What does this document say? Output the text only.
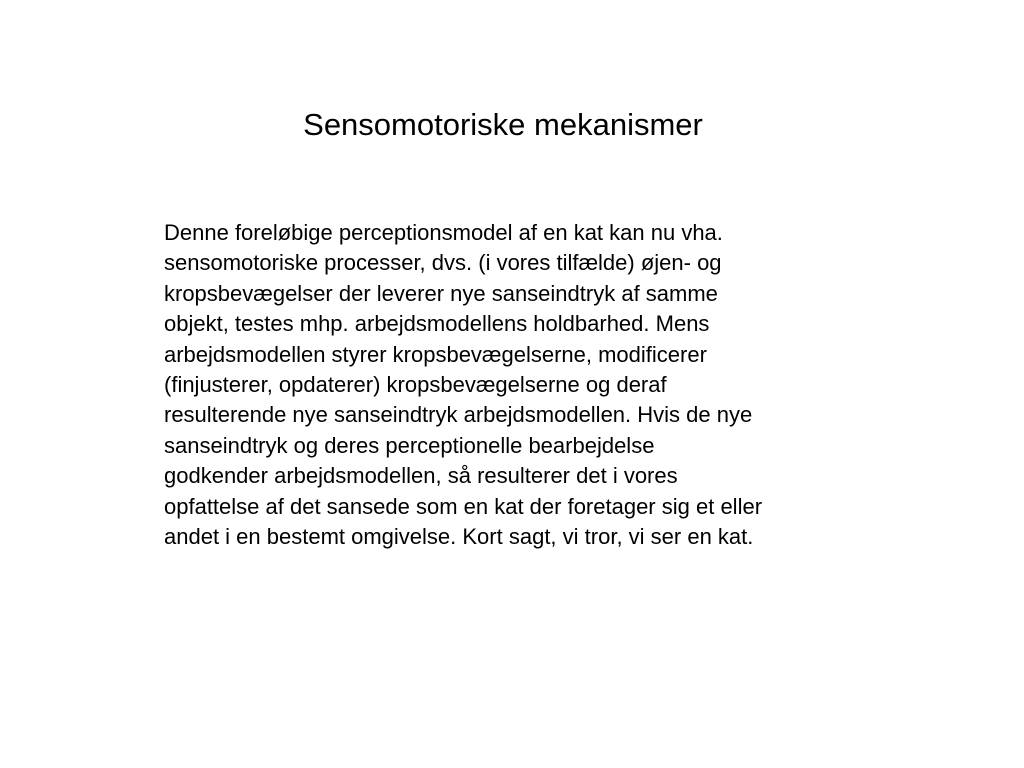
Sensomotoriske mekanismer

Denne foreløbige perceptionsmodel af en kat kan nu vha.
sensomotoriske processer, dvs. (i vores tilfælde) øjen- og
kropsbevægelser der leverer nye sanseindtryk af samme
objekt, testes mhp. arbejdsmodellens holdbarhed. Mens
arbejdsmodellen styrer kropsbevægelserne, modificerer
(finjusterer, opdaterer) kropsbevægelserne og deraf
resulterende nye sanseindtryk arbejdsmodellen. Hvis de nye
sanseindtryk og deres perceptionelle bearbejdelse
godkender arbejdsmodellen, så resulterer det i vores
opfattelse af det sansede som en kat der foretager sig et eller
andet i en bestemt omgivelse. Kort sagt, vi tror, vi ser en kat.
